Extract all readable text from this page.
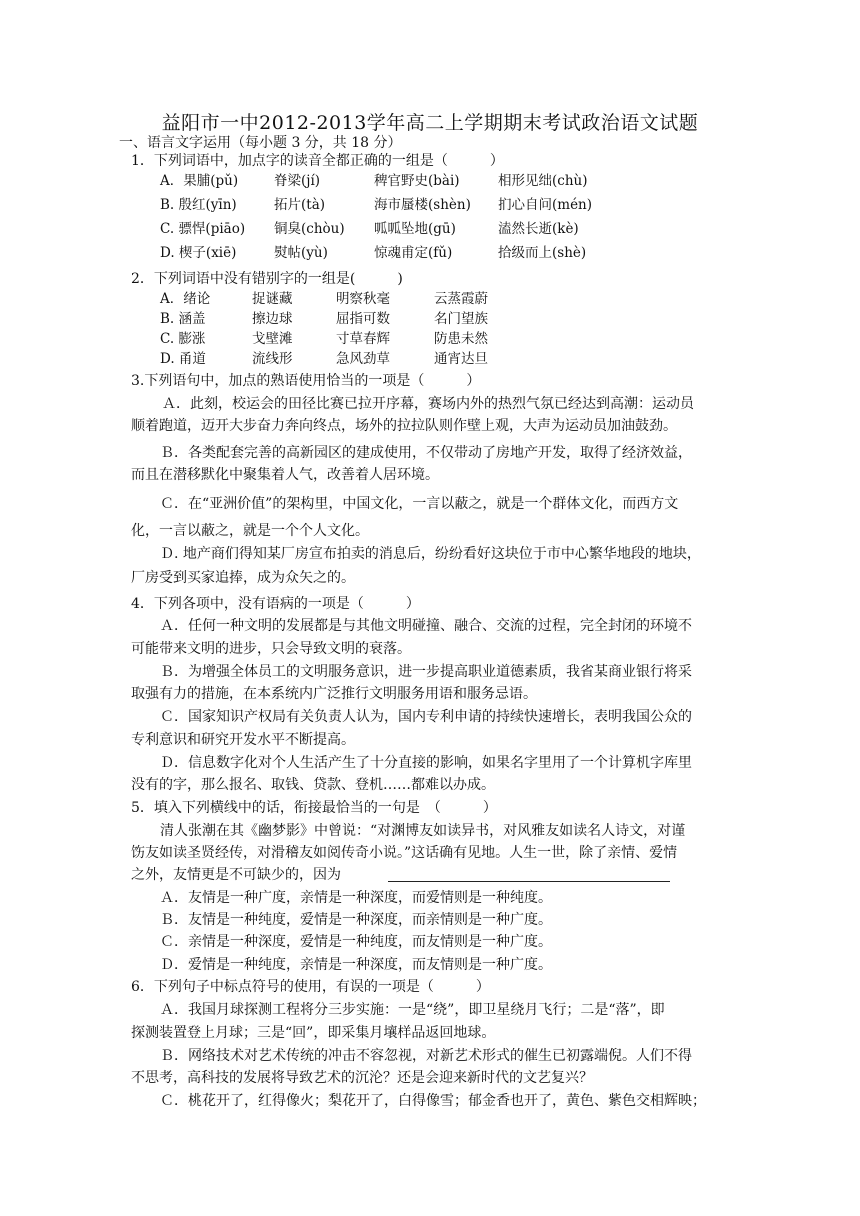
益阳市一中2012-2013学年高二上学期期末考试政治语文试题
一、语言文字运用（每小题 3 分，共 18 分）
1．下列词语中，加点字的读音全都正确的一组是（　　　）
A．果脯(pǔ)	脊梁(jí)	稗官野史(bài)	相形见绌(chù)
B. 殷红(yīn)	拓片(tà)	海市蜃楼(shèn) 扪心自问(mén)
C. 骠悍(piāo) 铜臭(chòu) 呱呱坠地(gū)	溘然长逝(kè)
D. 楔子(xiē)	熨帖(yù)	惊魂甫定(fǔ)	拾级而上(shè)
2．下列词语中没有错别字的一组是(　　　)
A．绪论	捉谜藏	明察秋毫	云蒸霞蔚
B. 涵盖	擦边球	屈指可数	名门望族
C. 膨涨	戈壁滩	寸草春辉	防患未然
D. 甬道	流线形	急风劲草	通宵达旦
3.下列语句中，加点的熟语使用恰当的一项是（　　　）
　Ａ．此刻，校运会的田径比赛已拉开序幕，赛场内外的热烈气氛已经达到高潮：运动员
顺着跑道，迈开大步奋力奔向终点，场外的拉拉队则作壁上观，大声为运动员加油鼓劲。
Ｂ．各类配套完善的高新园区的建成使用，不仅带动了房地产开发，取得了经济效益，
而且在潜移默化中聚集着人气，改善着人居环境。
Ｃ．在“亚洲价值”的架构里，中国文化，一言以蔽之，就是一个群体文化，而西方文
化，一言以蔽之，就是一个个人文化。
Ｄ. 地产商们得知某厂房宣布拍卖的消息后，纷纷看好这块位于市中心繁华地段的地块，
厂房受到买家追捧，成为众矢之的。
4．下列各项中，没有语病的一项是（　　　）
Ａ．任何一种文明的发展都是与其他文明碰撞、融合、交流的过程，完全封闭的环境不
可能带来文明的进步，只会导致文明的衰落。
Ｂ．为增强全体员工的文明服务意识，进一步提高职业道德素质，我省某商业银行将采
取强有力的措施，在本系统内广泛推行文明服务用语和服务忌语。
Ｃ．国家知识产权局有关负责人认为，国内专利申请的持续快速增长，表明我国公众的
专利意识和研究开发水平不断提高。
Ｄ．信息数字化对个人生活产生了十分直接的影响，如果名字里用了一个计算机字库里
没有的字，那么报名、取钱、贷款、登机……都难以办成。
5．填入下列横线中的话，衔接最恰当的一句是　（　　　）
清人张潮在其《幽梦影》中曾说：“对渊博友如读异书，对风雅友如读名人诗文，对谨
饬友如读圣贤经传，对滑稽友如阅传奇小说。”这话确有见地。人生一世，除了亲情、爱情
之外，友情更是不可缺少的，因为
Ａ．友情是一种广度，亲情是一种深度，而爱情则是一种纯度。
Ｂ．友情是一种纯度，爱情是一种深度，而亲情则是一种广度。
Ｃ．亲情是一种深度，爱情是一种纯度，而友情则是一种广度。
Ｄ．爱情是一种纯度，亲情是一种深度，而友情则是一种广度。
6．下列句子中标点符号的使用，有误的一项是（　　　）
Ａ．我国月球探测工程将分三步实施：一是“绕”，即卫星绕月飞行；二是“落”，即
探测装置登上月球；三是“回”，即采集月壤样品返回地球。
Ｂ．网络技术对艺术传统的冲击不容忽视，对新艺术形式的催生已初露端倪。人们不得
不思考，高科技的发展将导致艺术的沉沦？还是会迎来新时代的文艺复兴？
Ｃ．桃花开了，红得像火；梨花开了，白得像雪；郁金香也开了，黄色、紫色交相辉映；
